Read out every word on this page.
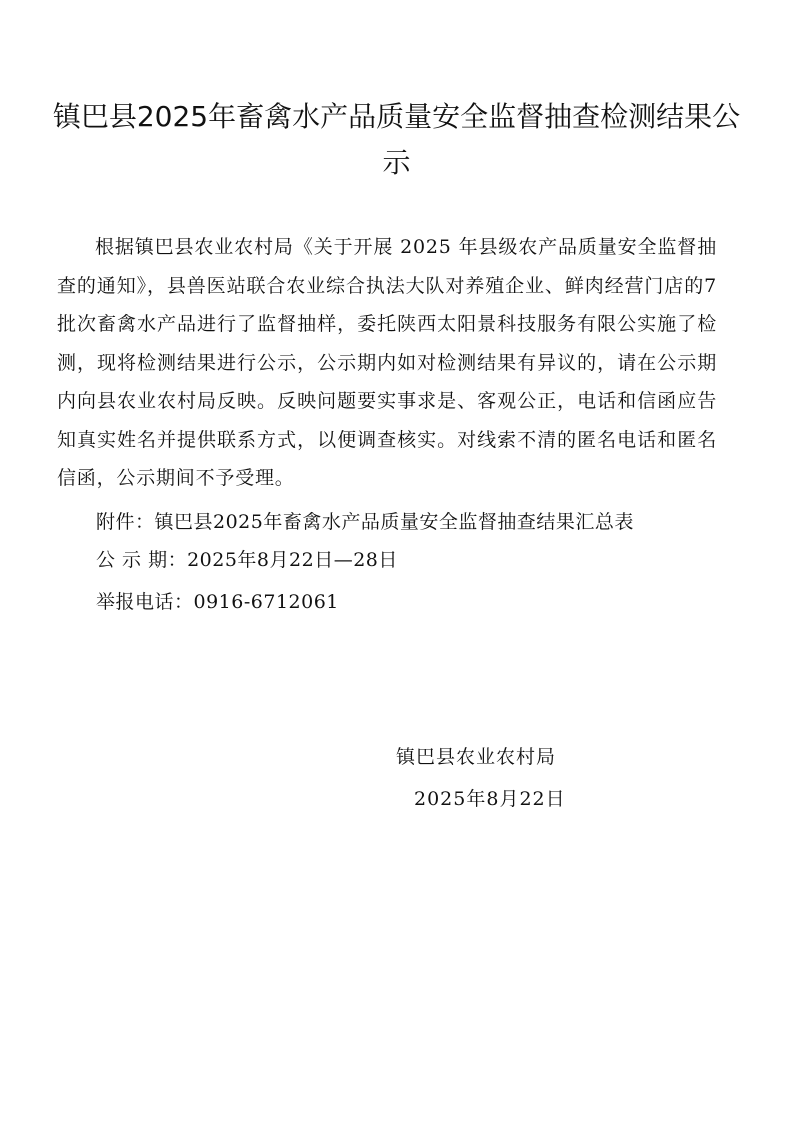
镇巴县2025年畜禽水产品质量安全监督抽查检测结果公示

根据镇巴县农业农村局《关于开展 2025 年县级农产品质量安全监督抽查的通知》，县兽医站联合农业综合执法大队对养殖企业、鲜肉经营门店的7批次畜禽水产品进行了监督抽样，委托陕西太阳景科技服务有限公实施了检测，现将检测结果进行公示，公示期内如对检测结果有异议的，请在公示期内向县农业农村局反映。反映问题要实事求是、客观公正，电话和信函应告知真实姓名并提供联系方式，以便调查核实。对线索不清的匿名电话和匿名信函，公示期间不予受理。

附件：镇巴县2025年畜禽水产品质量安全监督抽查结果汇总表

公 示 期：2025年8月22日—28日

举报电话：0916-6712061

镇巴县农业农村局

2025年8月22日
